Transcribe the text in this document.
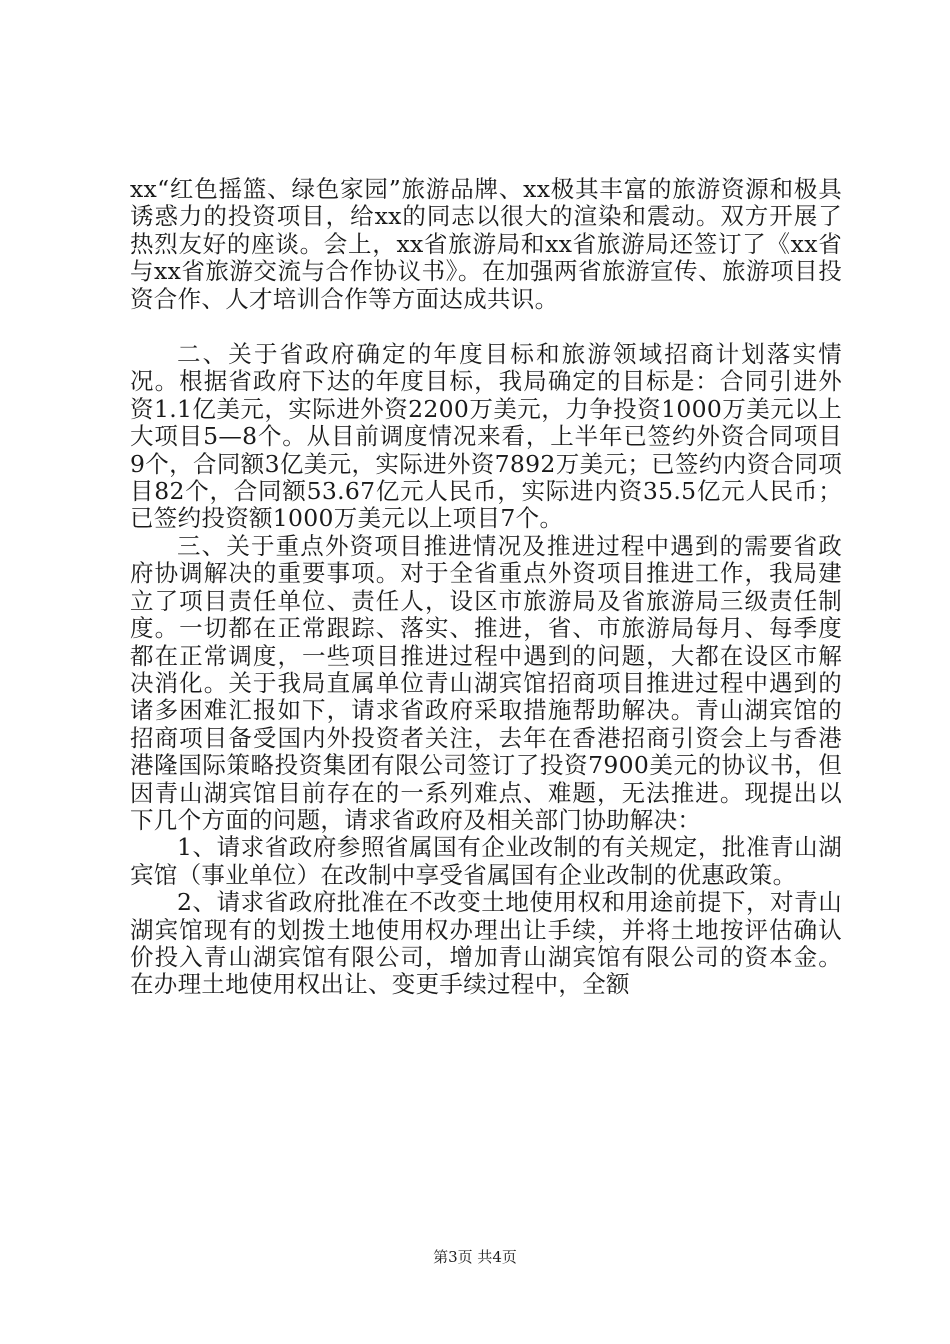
xx“红色摇篮、绿色家园”旅游品牌、xx极其丰富的旅游资源和极具诱惑力的投资项目，给xx的同志以很大的渲染和震动。双方开展了热烈友好的座谈。会上，xx省旅游局和xx省旅游局还签订了《xx省与xx省旅游交流与合作协议书》。在加强两省旅游宣传、旅游项目投资合作、人才培训合作等方面达成共识。

二、关于省政府确定的年度目标和旅游领域招商计划落实情况。根据省政府下达的年度目标，我局确定的目标是：合同引进外资1.1亿美元，实际进外资2200万美元，力争投资1000万美元以上大项目5—8个。从目前调度情况来看，上半年已签约外资合同项目9个，合同额3亿美元，实际进外资7892万美元；已签约内资合同项目82个，合同额53.67亿元人民币，实际进内资35.5亿元人民币；已签约投资额1000万美元以上项目7个。

三、关于重点外资项目推进情况及推进过程中遇到的需要省政府协调解决的重要事项。对于全省重点外资项目推进工作，我局建立了项目责任单位、责任人，设区市旅游局及省旅游局三级责任制度。一切都在正常跟踪、落实、推进，省、市旅游局每月、每季度都在正常调度，一些项目推进过程中遇到的问题，大都在设区市解决消化。关于我局直属单位青山湖宾馆招商项目推进过程中遇到的诸多困难汇报如下，请求省政府采取措施帮助解决。青山湖宾馆的招商项目备受国内外投资者关注，去年在香港招商引资会上与香港港隆国际策略投资集团有限公司签订了投资7900美元的协议书，但因青山湖宾馆目前存在的一系列难点、难题，无法推进。现提出以下几个方面的问题，请求省政府及相关部门协助解决：

1、请求省政府参照省属国有企业改制的有关规定，批准青山湖宾馆（事业单位）在改制中享受省属国有企业改制的优惠政策。

2、请求省政府批准在不改变土地使用权和用途前提下，对青山湖宾馆现有的划拨土地使用权办理出让手续，并将土地按评估确认价投入青山湖宾馆有限公司，增加青山湖宾馆有限公司的资本金。在办理土地使用权出让、变更手续过程中，全额

第3页 共4页
